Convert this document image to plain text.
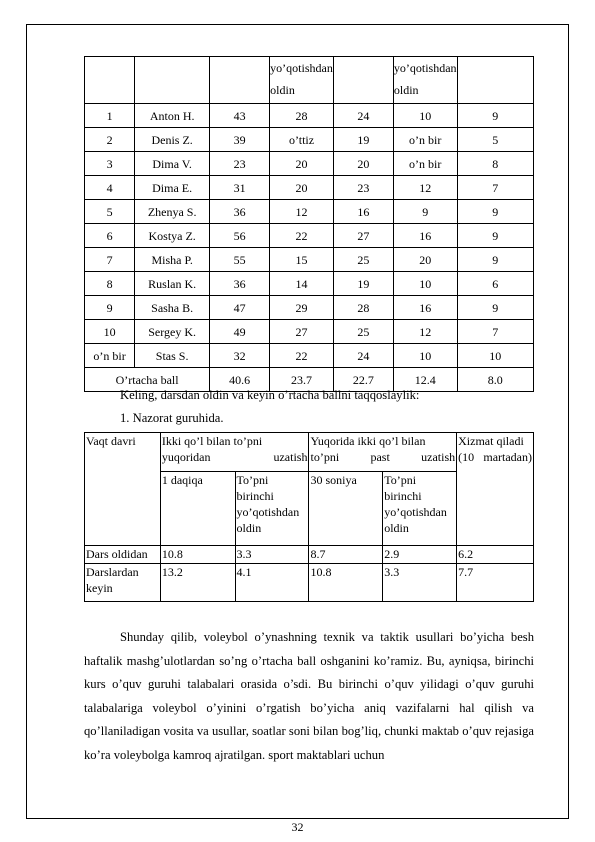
			yo’qotishdan oldin		yo’qotishdan oldin	

1	Anton H.	43	28	24	10	9
2	Denis Z.	39	o’ttiz	19	o’n bir	5
3	Dima V.	23	20	20	o’n bir	8
4	Dima E.	31	20	23	12	7
5	Zhenya S.	36	12	16	9	9
6	Kostya Z.	56	22	27	16	9
7	Misha P.	55	15	25	20	9
8	Ruslan K.	36	14	19	10	6
9	Sasha B.	47	29	28	16	9
10	Sergey K.	49	27	25	12	7
o’n bir	Stas S.	32	22	24	10	10
O’rtacha ball		40.6	23.7	22.7	12.4	8.0
Keling, darsdan oldin va keyin o’rtacha ballni taqqoslaylik:
1. Nazorat guruhida.
Vaqt davri	Ikki qo’l bilan to’pni yuqoridan uzatish		Yuqorida ikki qo’l bilan to’pni past uzatish		Xizmat qiladi (10 martadan)
	1 daqiqa	To’pni birinchi yo’qotishdan oldin	30 soniya	To’pni birinchi yo’qotishdan oldin	
Dars oldidan	10.8	3.3	8.7	2.9	6.2
Darslardan keyin	13.2	4.1	10.8	3.3	7.7

Shunday qilib, voleybol o’ynashning texnik va taktik usullari bo’yicha besh haftalik mashg’ulotlardan so’ng o’rtacha ball oshganini ko’ramiz. Bu, ayniqsa, birinchi kurs o’quv guruhi talabalari orasida o’sdi. Bu birinchi o’quv yilidagi o’quv guruhi talabalariga voleybol o’yinini o’rgatish bo’yicha aniq vazifalarni hal qilish va qo’llaniladigan vosita va usullar, soatlar soni bilan bog’liq, chunki maktab o’quv rejasiga ko’ra voleybolga kamroq ajratilgan. sport maktablari uchun

32
